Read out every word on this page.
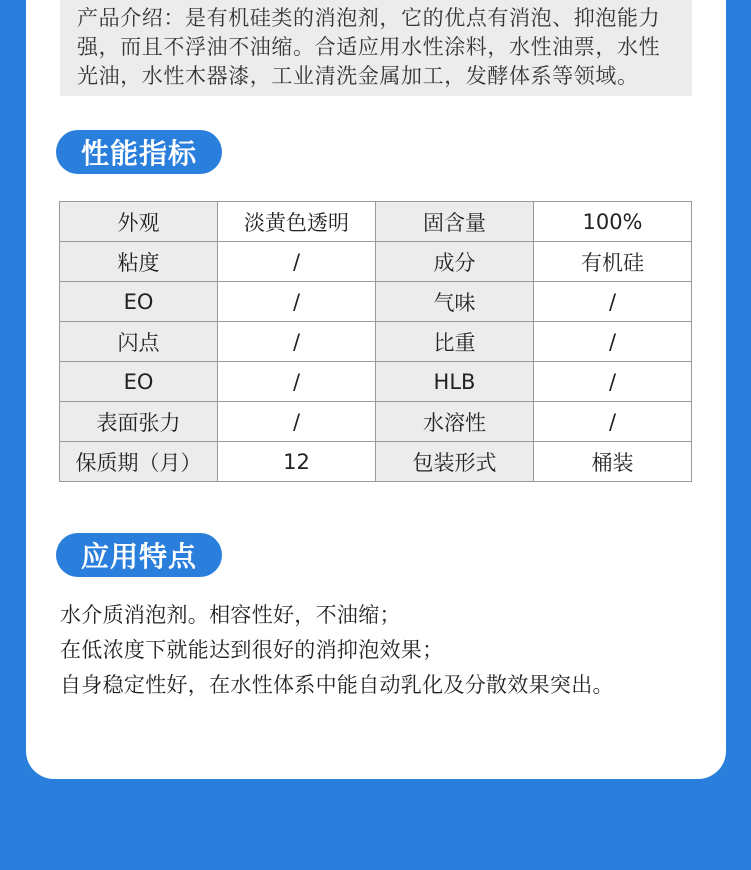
产品介绍：是有机硅类的消泡剂，它的优点有消泡、抑泡能力
强，而且不浮油不油缩。合适应用水性涂料，水性油票，水性
光油，水性木器漆，工业清洗金属加工，发酵体系等领域。
性能指标
外观	淡黄色透明	固含量	100%
粘度	/	成分	有机硅
EO	/	气味	/
闪点	/	比重	/
EO	/	HLB	/
表面张力	/	水溶性	/
保质期（月）	12	包装形式	桶装
应用特点
水介质消泡剂。相容性好，不油缩；
在低浓度下就能达到很好的消抑泡效果；
自身稳定性好，在水性体系中能自动乳化及分散效果突出。
